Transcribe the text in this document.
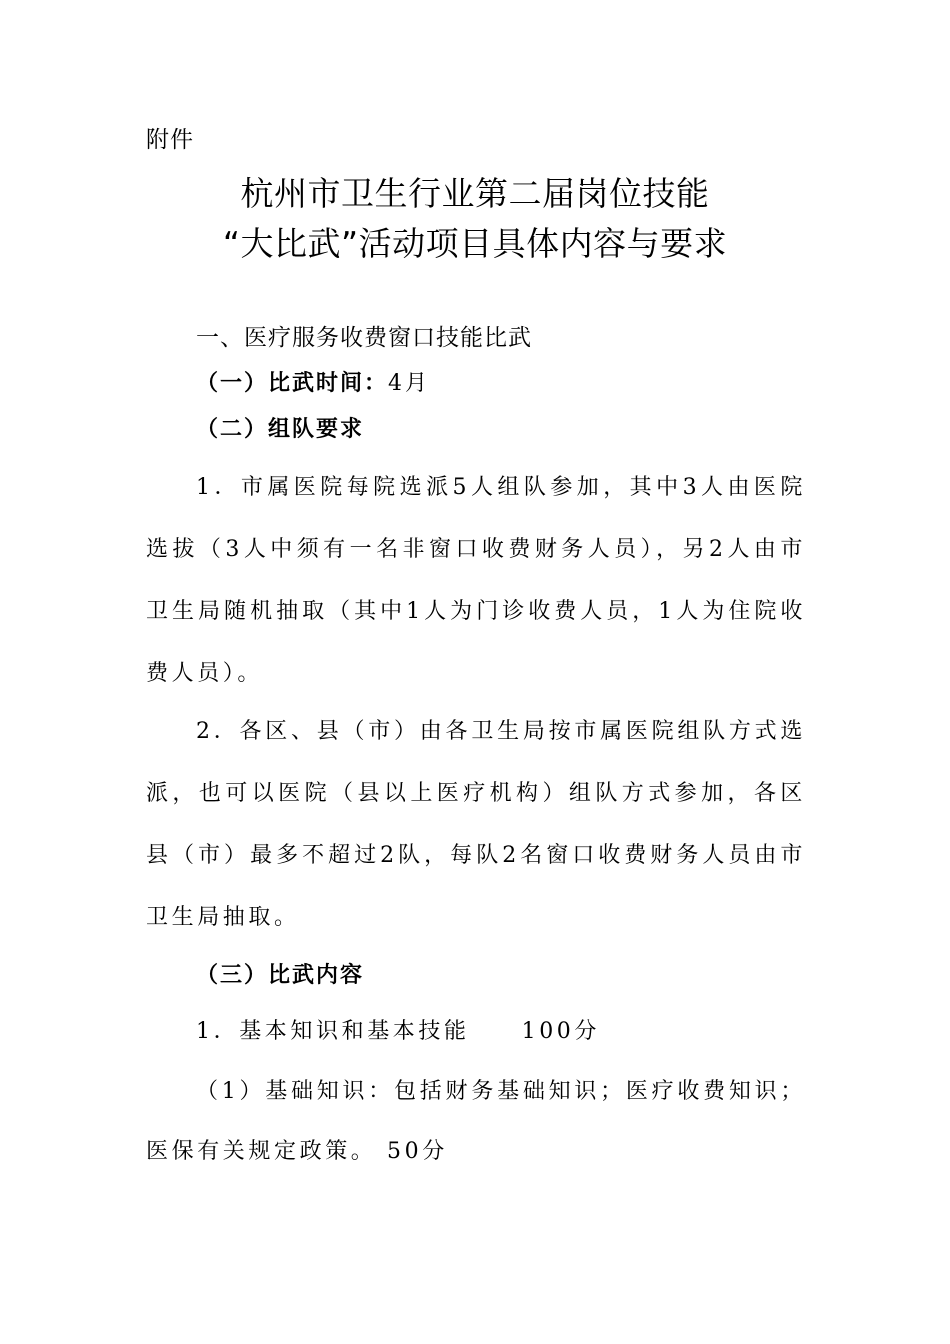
附件
杭州市卫生行业第二届岗位技能
“大比武”活动项目具体内容与要求
一、医疗服务收费窗口技能比武
（一）比武时间：4月
（二）组队要求
1．市属医院每院选派5人组队参加，其中3人由医院
选拔（3人中须有一名非窗口收费财务人员），另2人由市
卫生局随机抽取（其中1人为门诊收费人员，1人为住院收
费人员）。
2．各区、县（市）由各卫生局按市属医院组队方式选
派，也可以医院（县以上医疗机构）组队方式参加，各区
县（市）最多不超过2队，每队2名窗口收费财务人员由市
卫生局抽取。
（三）比武内容
1．基本知识和基本技能 100分
（1）基础知识：包括财务基础知识；医疗收费知识；
医保有关规定政策。 50分
